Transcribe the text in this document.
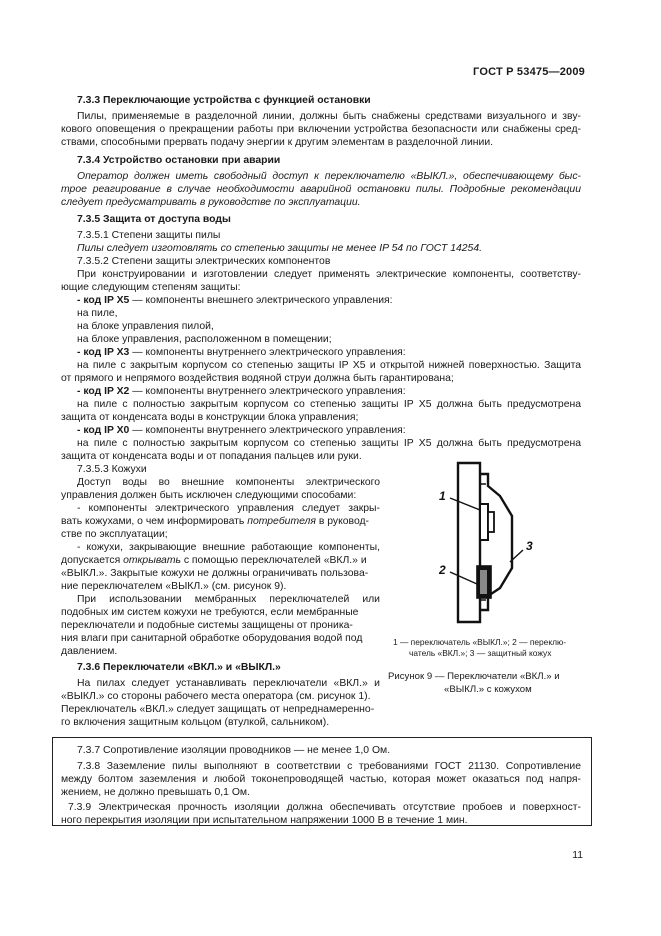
ГОСТ Р 53475—2009
7.3.3 Переключающие устройства с функцией остановки
Пилы, применяемые в разделочной линии, должны быть снабжены средствами визуального и зву-
кового оповещения о прекращении работы при включении устройства безопасности или снабжены сред-
ствами, способными прервать подачу энергии к другим элементам в разделочной линии.
7.3.4 Устройство остановки при аварии
Оператор должен иметь свободный доступ к переключателю «ВЫКЛ.», обеспечивающему быс-
трое реагирование в случае необходимости аварийной остановки пилы. Подробные рекомендации
следует предусматривать в руководстве по эксплуатации.
7.3.5 Защита от доступа воды
7.3.5.1 Степени защиты пилы
Пилы следует изготовлять со степенью защиты не менее IP 54 по ГОСТ 14254.
7.3.5.2 Степени защиты электрических компонентов
При конструировании и изготовлении следует применять электрические компоненты, соответству-
ющие следующим степеням защиты:
- код IP X5 — компоненты внешнего электрического управления:
на пиле,
на блоке управления пилой,
на блоке управления, расположенном в помещении;
- код IP X3 — компоненты внутреннего электрического управления:
на пиле с закрытым корпусом со степенью защиты IP X5 и открытой нижней поверхностью. Защита
от прямого и непрямого воздействия водяной струи должна быть гарантирована;
- код IP X2 — компоненты внутреннего электрического управления:
на пиле с полностью закрытым корпусом со степенью защиты IP X5 должна быть предусмотрена
защита от конденсата воды в конструкции блока управления;
- код IP X0 — компоненты внутреннего электрического управления:
на пиле с полностью закрытым корпусом со степенью защиты IP X5 должна быть предусмотрена
защита от конденсата воды и от попадания пальцев или руки.
7.3.5.3 Кожухи
Доступ воды во внешние компоненты электрического
управления должен быть исключен следующими способами:
- компоненты электрического управления следует закры-
вать кожухами, о чем информировать потребителя в руковод-
стве по эксплуатации;
- кожухи, закрывающие внешние работающие компоненты,
допускается открывать с помощью переключателей «ВКЛ.» и
«ВЫКЛ.». Закрытые кожухи не должны ограничивать пользова-
ние переключателем «ВЫКЛ.» (см. рисунок 9).
При использовании мембранных переключателей или
подобных им систем кожухи не требуются, если мембранные
переключатели и подобные системы защищены от проника-
ния влаги при санитарной обработке оборудования водой под
давлением.
7.3.6 Переключатели «ВКЛ.» и «ВЫКЛ.»
На пилах следует устанавливать переключатели «ВКЛ.» и
«ВЫКЛ.» со стороны рабочего места оператора (см. рисунок 1).
Переключатель «ВКЛ.» следует защищать от непреднамеренно-
го включения защитным кольцом (втулкой, сальником).
1
2
3
1 — переключатель «ВЫКЛ.»; 2 — переклю-
чатель «ВКЛ.»; 3 — защитный кожух
Рисунок 9 — Переключатели «ВКЛ.» и
«ВЫКЛ.» с кожухом
7.3.7 Сопротивление изоляции проводников — не менее 1,0 Ом.
7.3.8 Заземление пилы выполняют в соответствии с требованиями ГОСТ 21130. Сопротивление
между болтом заземления и любой токонепроводящей частью, которая может оказаться под напря-
жением, не должно превышать 0,1 Ом.
7.3.9 Электрическая прочность изоляции должна обеспечивать отсутствие пробоев и поверхност-
ного перекрытия изоляции при испытательном напряжении 1000 В в течение 1 мин.
11
